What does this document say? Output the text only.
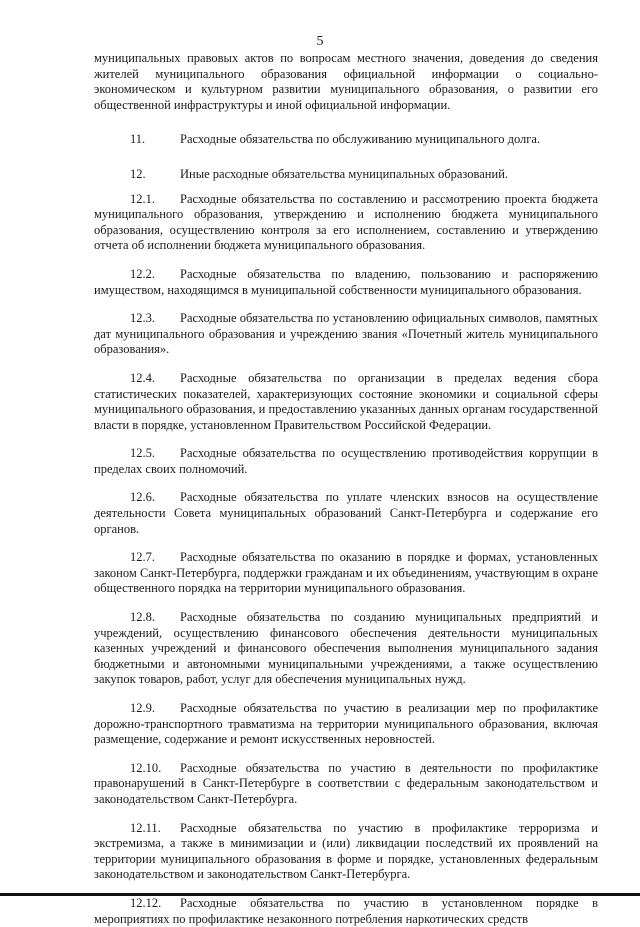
5

муниципальных правовых актов по вопросам местного значения, доведения до сведения жителей муниципального образования официальной информации о социально-экономическом и культурном развитии муниципального образования, о развитии его общественной инфраструктуры и иной официальной информации.

11.	Расходные обязательства по обслуживанию муниципального долга.

12.	Иные расходные обязательства муниципальных образований.

12.1. Расходные обязательства по составлению и рассмотрению проекта бюджета муниципального образования, утверждению и исполнению бюджета муниципального образования, осуществлению контроля за его исполнением, составлению и утверждению отчета об исполнении бюджета муниципального образования.

12.2. Расходные обязательства по владению, пользованию и распоряжению имуществом, находящимся в муниципальной собственности муниципального образования.

12.3. Расходные обязательства по установлению официальных символов, памятных дат муниципального образования и учреждению звания «Почетный житель муниципального образования».

12.4. Расходные обязательства по организации в пределах ведения сбора статистических показателей, характеризующих состояние экономики и социальной сферы муниципального образования, и предоставлению указанных данных органам государственной власти в порядке, установленном Правительством Российской Федерации.

12.5. Расходные обязательства по осуществлению противодействия коррупции в пределах своих полномочий.

12.6. Расходные обязательства по уплате членских взносов на осуществление деятельности Совета муниципальных образований Санкт-Петербурга и содержание его органов.

12.7. Расходные обязательства по оказанию в порядке и формах, установленных законом Санкт-Петербурга, поддержки гражданам и их объединениям, участвующим в охране общественного порядка на территории муниципального образования.

12.8. Расходные обязательства по созданию муниципальных предприятий и учреждений, осуществлению финансового обеспечения деятельности муниципальных казенных учреждений и финансового обеспечения выполнения муниципального задания бюджетными и автономными муниципальными учреждениями, а также осуществлению закупок товаров, работ, услуг для обеспечения муниципальных нужд.

12.9. Расходные обязательства по участию в реализации мер по профилактике дорожно-транспортного травматизма на территории муниципального образования, включая размещение, содержание и ремонт искусственных неровностей.

12.10. Расходные обязательства по участию в деятельности по профилактике правонарушений в Санкт-Петербурге в соответствии с федеральным законодательством и законодательством Санкт-Петербурга.

12.11. Расходные обязательства по участию в профилактике терроризма и экстремизма, а также в минимизации и (или) ликвидации последствий их проявлений на территории муниципального образования в форме и порядке, установленных федеральным законодательством и законодательством Санкт-Петербурга.

12.12. Расходные обязательства по участию в установленном порядке в мероприятиях по профилактике незаконного потребления наркотических средств
